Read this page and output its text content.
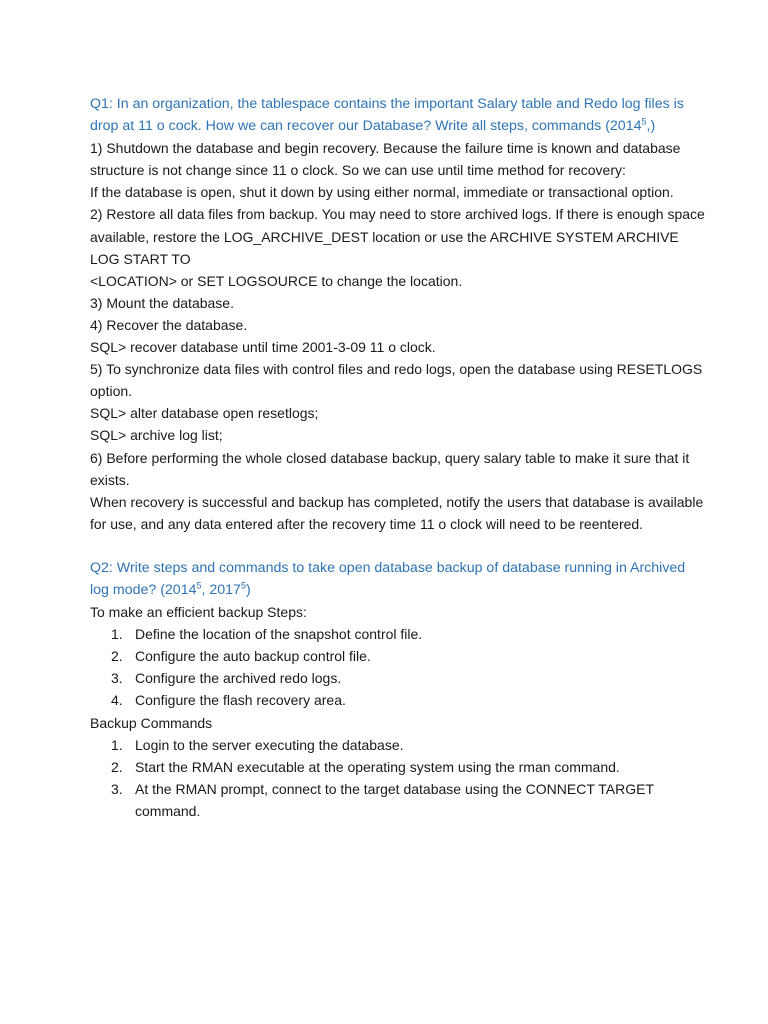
Q1: In an organization, the tablespace contains the important Salary table and Redo log files is drop at 11 o cock. How we can recover our Database? Write all steps, commands (2014$^5$,)

1) Shutdown the database and begin recovery. Because the failure time is known and database structure is not change since 11 o clock. So we can use until time method for recovery:

If the database is open, shut it down by using either normal, immediate or transactional option.

2) Restore all data files from backup. You may need to store archived logs. If there is enough space available, restore the LOG_ARCHIVE_DEST location or use the ARCHIVE SYSTEM ARCHIVE LOG START TO

<LOCATION> or SET LOGSOURCE to change the location.

3) Mount the database.

4) Recover the database.

SQL> recover database until time 2001-3-09 11 o clock.

5) To synchronize data files with control files and redo logs, open the database using RESETLOGS option.

SQL> alter database open resetlogs;

SQL> archive log list;

6) Before performing the whole closed database backup, query salary table to make it sure that it exists.

When recovery is successful and backup has completed, notify the users that database is available for use, and any data entered after the recovery time 11 o clock will need to be reentered.

Q2: Write steps and commands to take open database backup of database running in Archived log mode? (2014$^5$, 2017$^5$)

To make an efficient backup Steps:

1. Define the location of the snapshot control file.
2. Configure the auto backup control file.
3. Configure the archived redo logs.
4. Configure the flash recovery area.

Backup Commands

1. Login to the server executing the database.
2. Start the RMAN executable at the operating system using the rman command.
3. At the RMAN prompt, connect to the target database using the CONNECT TARGET command.
